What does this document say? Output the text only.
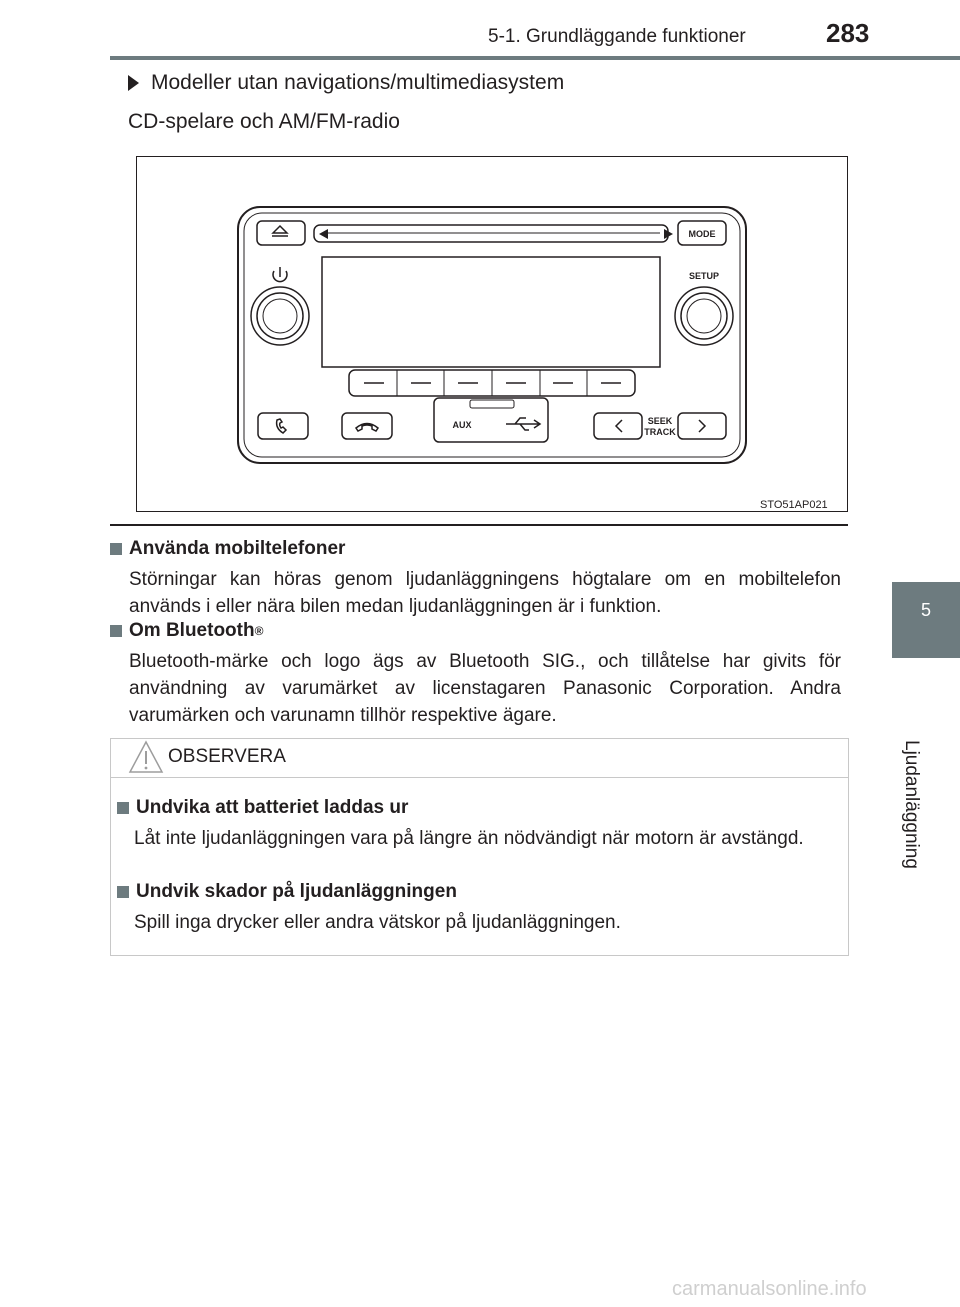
5-1. Grundläggande funktioner	283
5
Ljudanläggning
Modeller utan navigations/multimediasystem
CD-spelare och AM/FM-radio
MODE
SETUP
AUX	SEEK
TRACK
STO51AP021
Använda mobiltelefoner
Störningar kan höras genom ljudanläggningens högtalare om en mobiltelefon används i eller nära bilen medan ljudanläggningen är i funktion.
Om Bluetooth ®
Bluetooth-märke och logo ägs av Bluetooth SIG., och tillåtelse har givits för användning av varumärket av licenstagaren Panasonic Corporation. Andra varumärken och varunamn tillhör respektive ägare.
OBSERVERA
Undvika att batteriet laddas ur
Låt inte ljudanläggningen vara på längre än nödvändigt när motorn är avstängd.
Undvik skador på ljudanläggningen
Spill inga drycker eller andra vätskor på ljudanläggningen.
carmanualsonline.info
